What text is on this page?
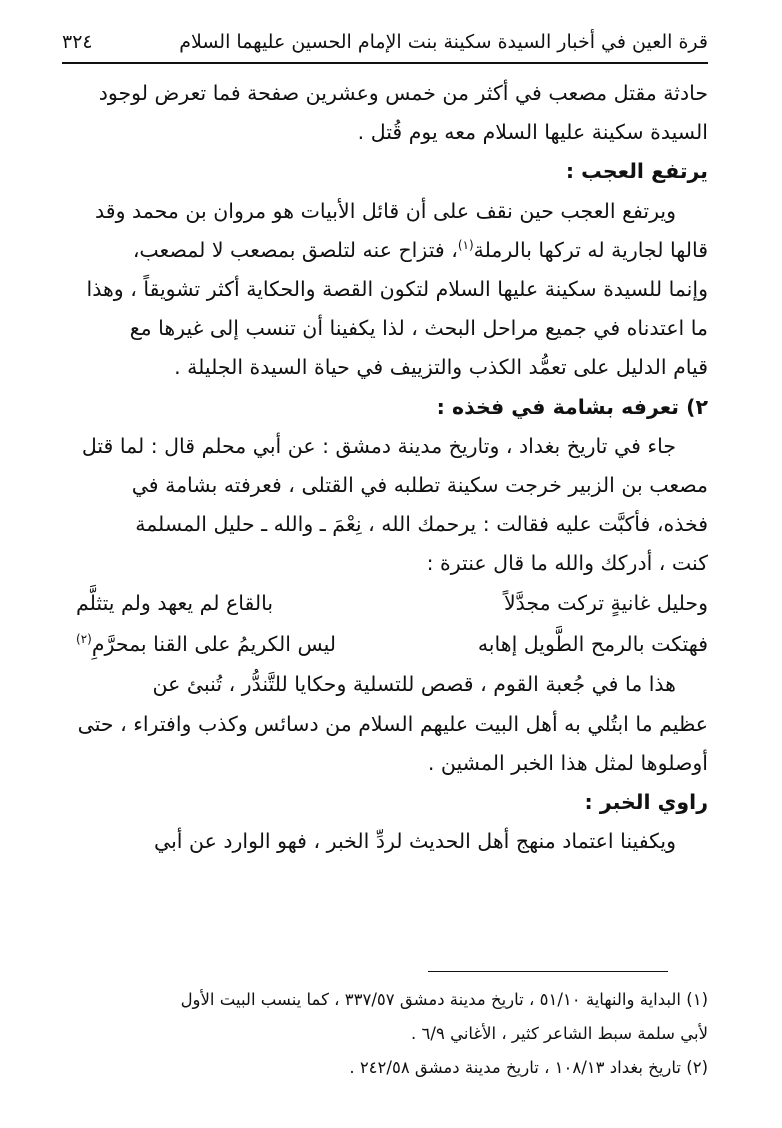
قرة العين في أخبار السيدة سكينة بنت الإمام الحسين عليهما السلام
٣٢٤
حادثة مقتل مصعب في أكثر من خمس وعشرين صفحة فما تعرض لوجود
السيدة سكينة عليها السلام معه يوم قُتل .
يرتفع العجب :
ويرتفع العجب حين نقف على أن قائل الأبيات هو مروان بن محمد وقد
قالها لجارية له تركها بالرملة$^{(١)}$، فتزاح عنه لتلصق بمصعب لا لمصعب،
وإنما للسيدة سكينة عليها السلام لتكون القصة والحكاية أكثر تشويقاً ، وهذا
ما اعتدناه في جميع مراحل البحث ، لذا يكفينا أن تنسب إلى غيرها مع
قيام الدليل على تعمُّد الكذب والتزييف في حياة السيدة الجليلة .
٢) تعرفه بشامة في فخذه :
جاء في تاريخ بغداد ، وتاريخ مدينة دمشق : عن أبي محلم قال : لما قتل
مصعب بن الزبير خرجت سكينة تطلبه في القتلى ، فعرفته بشامة في
فخذه، فأكبَّت عليه فقالت : يرحمك الله ، نِعْمَ ـ والله ـ حليل المسلمة
كنت ، أدركك والله ما قال عنترة :
وحليل غانيةٍ تركت مجدَّلاً
بالقاع لم يعهد ولم يتثلَّم
فهتكت بالرمح الطَّويل إهابه
ليس الكريمُ على القنا بمحرَّمِ$^{(٢)}$
هذا ما في جُعبة القوم ، قصص للتسلية وحكايا للتَّندُّر ، تُنبئ عن
عظيم ما ابتُلي به أهل البيت عليهم السلام من دسائس وكذب وافتراء ، حتى
أوصلوها لمثل هذا الخبر المشين .
راوي الخبر :
ويكفينا اعتماد منهج أهل الحديث لردِّ الخبر ، فهو الوارد عن أبي
(١) البداية والنهاية ٥١/١٠ ، تاريخ مدينة دمشق ٣٣٧/٥٧ ، كما ينسب البيت الأول
لأبي سلمة سبط الشاعر كثير ، الأغاني ٦/٩ .
(٢) تاريخ بغداد ١٠٨/١٣ ، تاريخ مدينة دمشق ٢٤٢/٥٨ .
